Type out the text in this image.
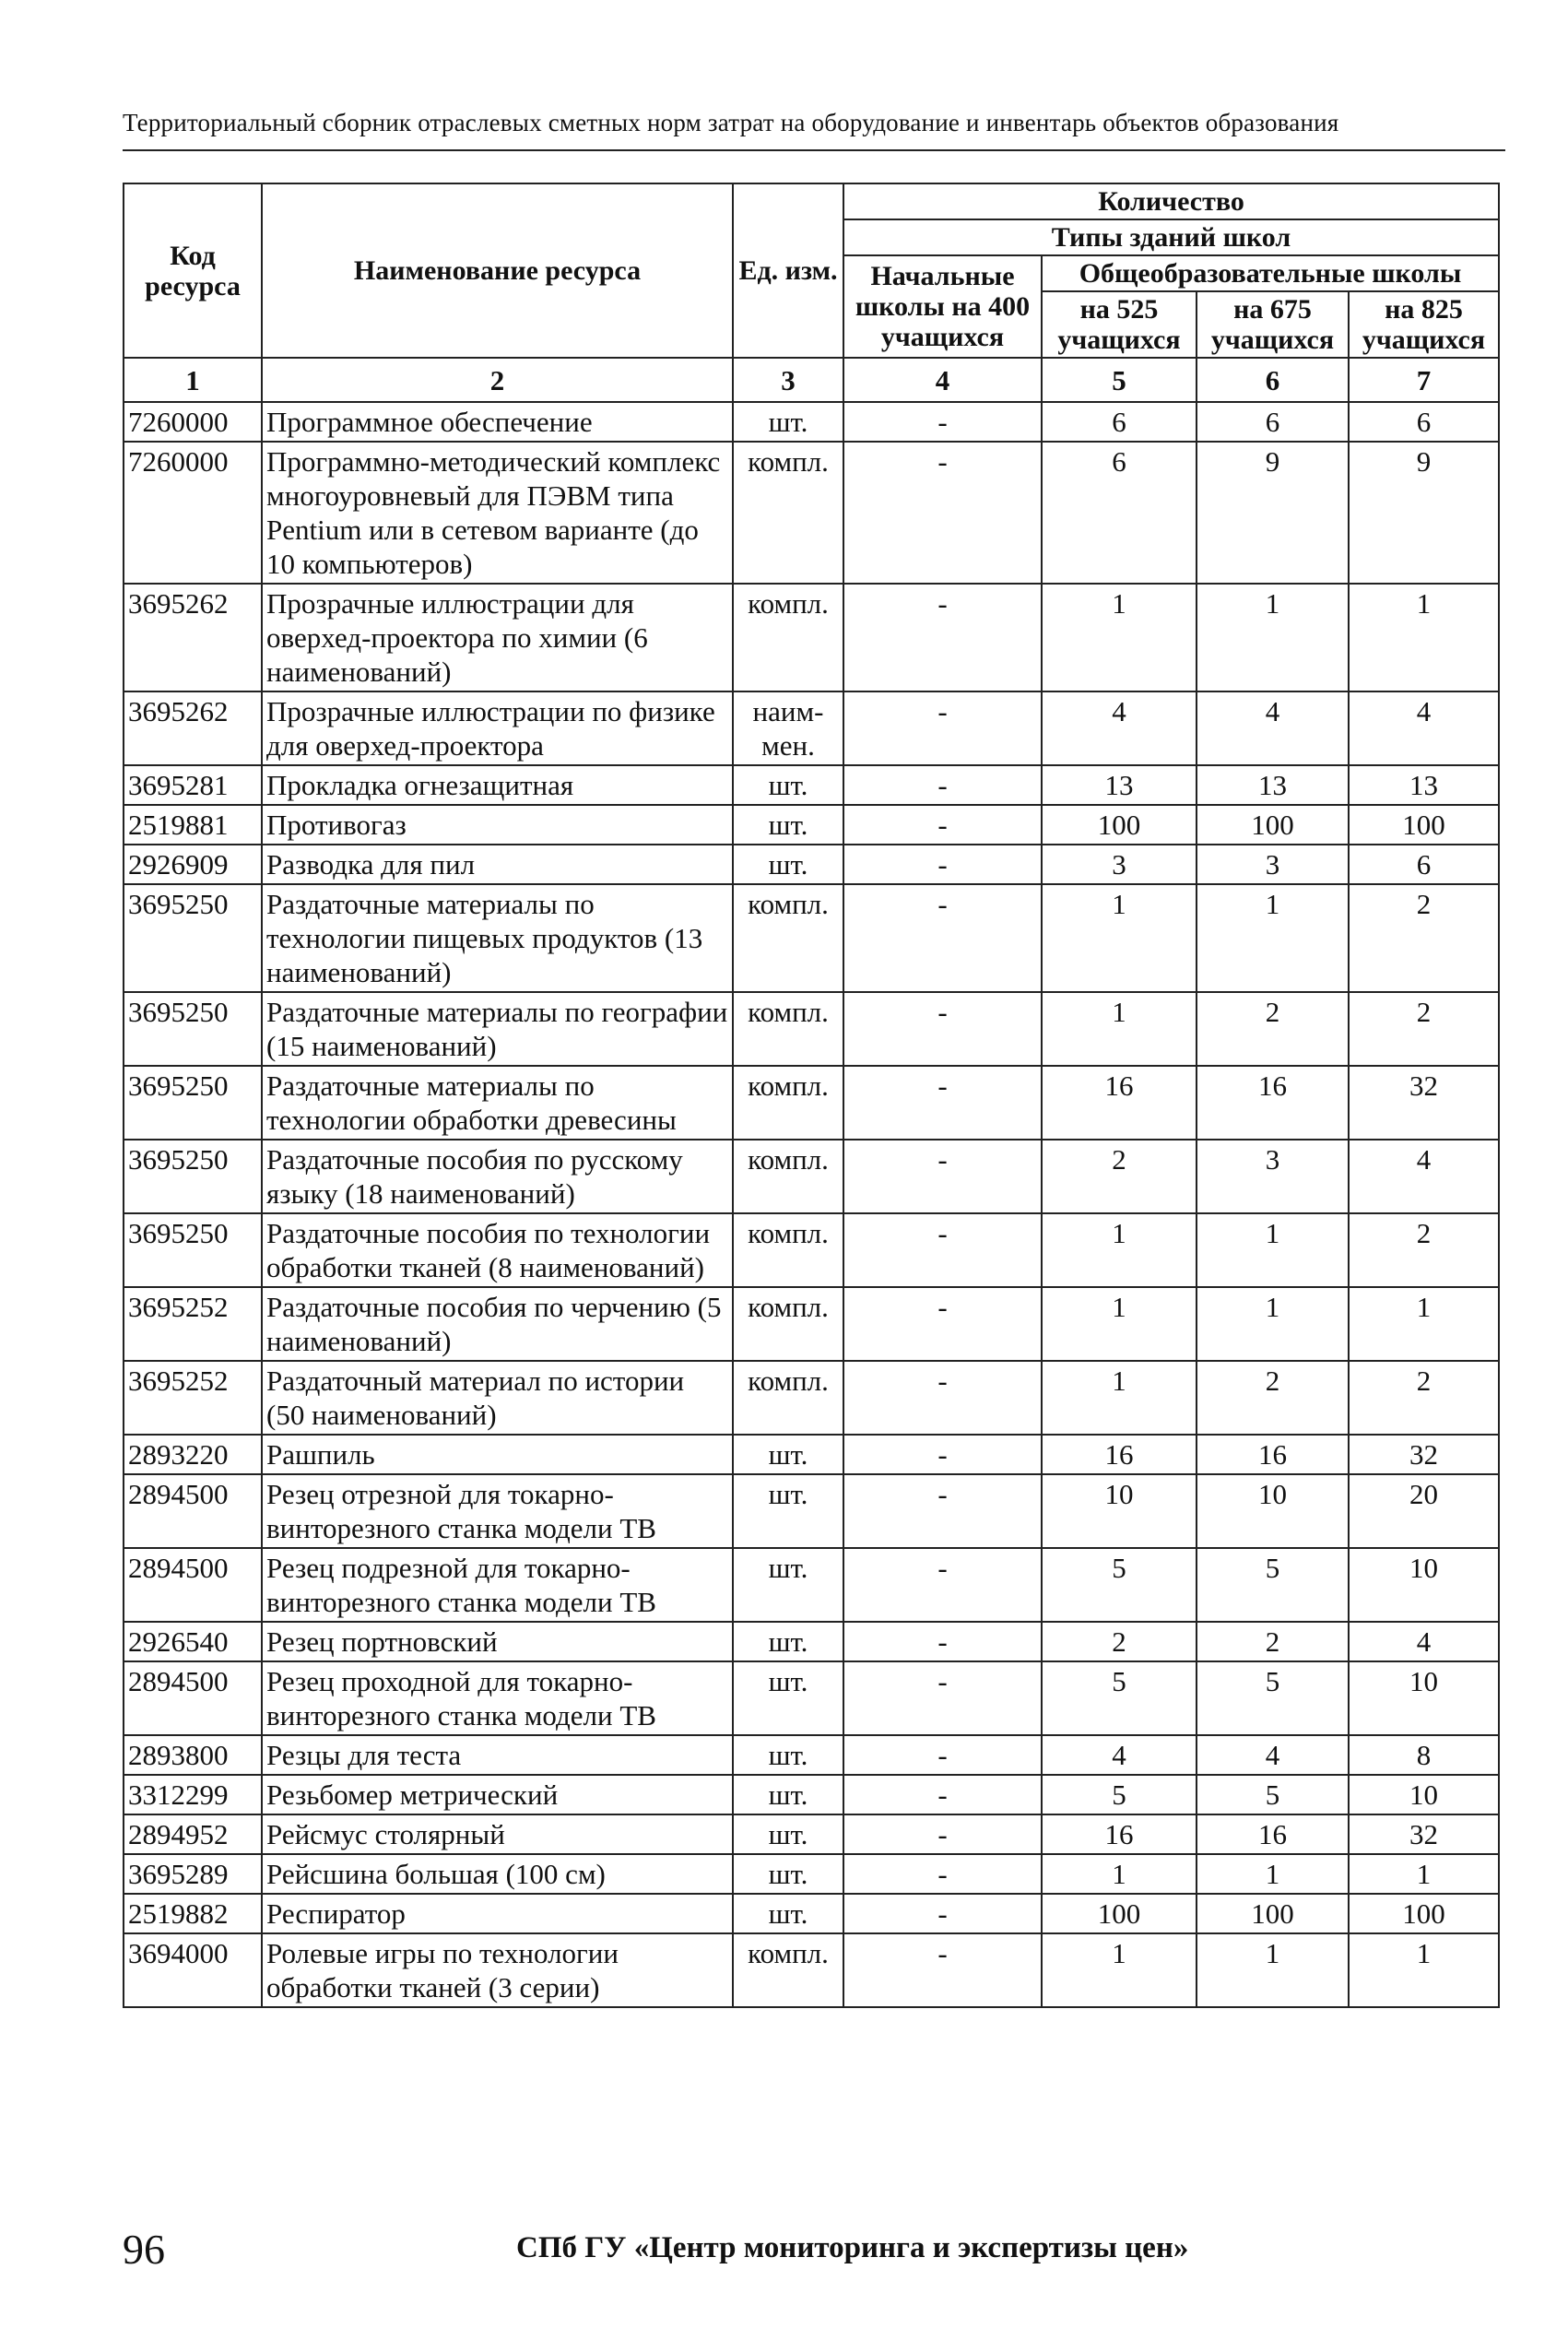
Территориальный сборник отраслевых сметных норм затрат на оборудование и инвентарь объектов образования
Код ресурса	Наименование ресурса	Ед. изм.	Количество			
			Типы зданий школ			
			Начальные школы на 400 учащихся	Общеобразовательные школы		
				на 525 учащихся	на 675 учащихся	на 825 учащихся
1	2	3	4	5	6	7
7260000	Программное обеспечение	шт.	-	6	6	6
7260000	Программно-методический комплекс многоуровневый для ПЭВМ типа Pentium или в сетевом варианте (до 10 компьютеров)	компл.	-	6	9	9
3695262	Прозрачные иллюстрации для оверхед-проектора по химии (6 наименований)	компл.	-	1	1	1
3695262	Прозрачные иллюстрации по физике для оверхед-проектора	наим-мен.	-	4	4	4
3695281	Прокладка огнезащитная	шт.	-	13	13	13
2519881	Противогаз	шт.	-	100	100	100
2926909	Разводка для пил	шт.	-	3	3	6
3695250	Раздаточные материалы по технологии пищевых продуктов (13 наименований)	компл.	-	1	1	2
3695250	Раздаточные материалы по географии (15 наименований)	компл.	-	1	2	2
3695250	Раздаточные материалы по технологии обработки древесины	компл.	-	16	16	32
3695250	Раздаточные пособия по русскому языку (18 наименований)	компл.	-	2	3	4
3695250	Раздаточные пособия по технологии обработки тканей (8 наименований)	компл.	-	1	1	2
3695252	Раздаточные пособия по черчению (5 наименований)	компл.	-	1	1	1
3695252	Раздаточный материал по истории (50 наименований)	компл.	-	1	2	2
2893220	Рашпиль	шт.	-	16	16	32
2894500	Резец отрезной для токарно-винторезного станка модели ТВ	шт.	-	10	10	20
2894500	Резец подрезной для токарно-винторезного станка модели ТВ	шт.	-	5	5	10
2926540	Резец портновский	шт.	-	2	2	4
2894500	Резец проходной для токарно-винторезного станка модели ТВ	шт.	-	5	5	10
2893800	Резцы для теста	шт.	-	4	4	8
3312299	Резьбомер метрический	шт.	-	5	5	10
2894952	Рейсмус столярный	шт.	-	16	16	32
3695289	Рейсшина большая (100 см)	шт.	-	1	1	1
2519882	Респиратор	шт.	-	100	100	100
3694000	Ролевые игры по технологии обработки тканей (3 серии)	компл.	-	1	1	1
96	СПб ГУ «Центр мониторинга и экспертизы цен»
